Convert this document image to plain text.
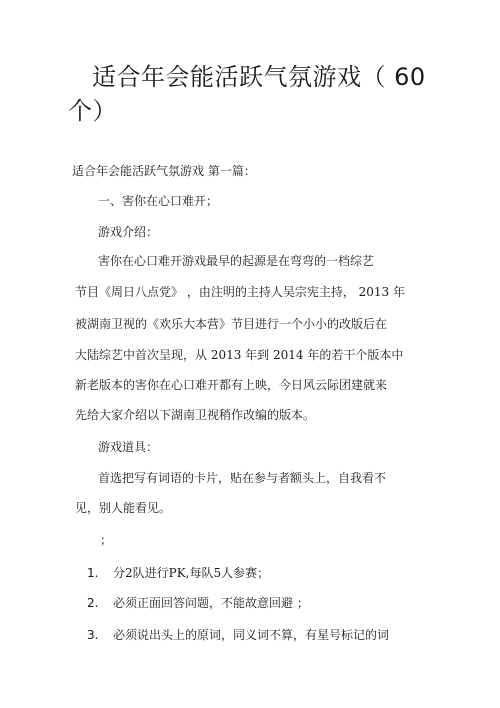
适合年会能活跃气氛游戏（ 60
个）
适合年会能活跃气氛游戏 第一篇：
一、害你在心口难开；
游戏介绍：
害你在心口难开游戏最早的起源是在弯弯的一档综艺
节目《周日八点党》 ，由注明的主持人吴宗宪主持， 2013 年
被湖南卫视的《欢乐大本营》节目进行一个小小的改版后在
大陆综艺中首次呈现，从 2013 年到 2014 年的若干个版本中
新老版本的害你在心口难开都有上映，今日风云际团建就来
先给大家介绍以下湖南卫视稍作改编的版本。
游戏道具：
首选把写有词语的卡片，贴在参与者额头上，自我看不
见，别人能看见。
；
1. 分2队进行PK,每队5人参赛；
2. 必须正面回答问题，不能故意回避 ；
3. 必须说出头上的原词，同义词不算，有星号标记的词
